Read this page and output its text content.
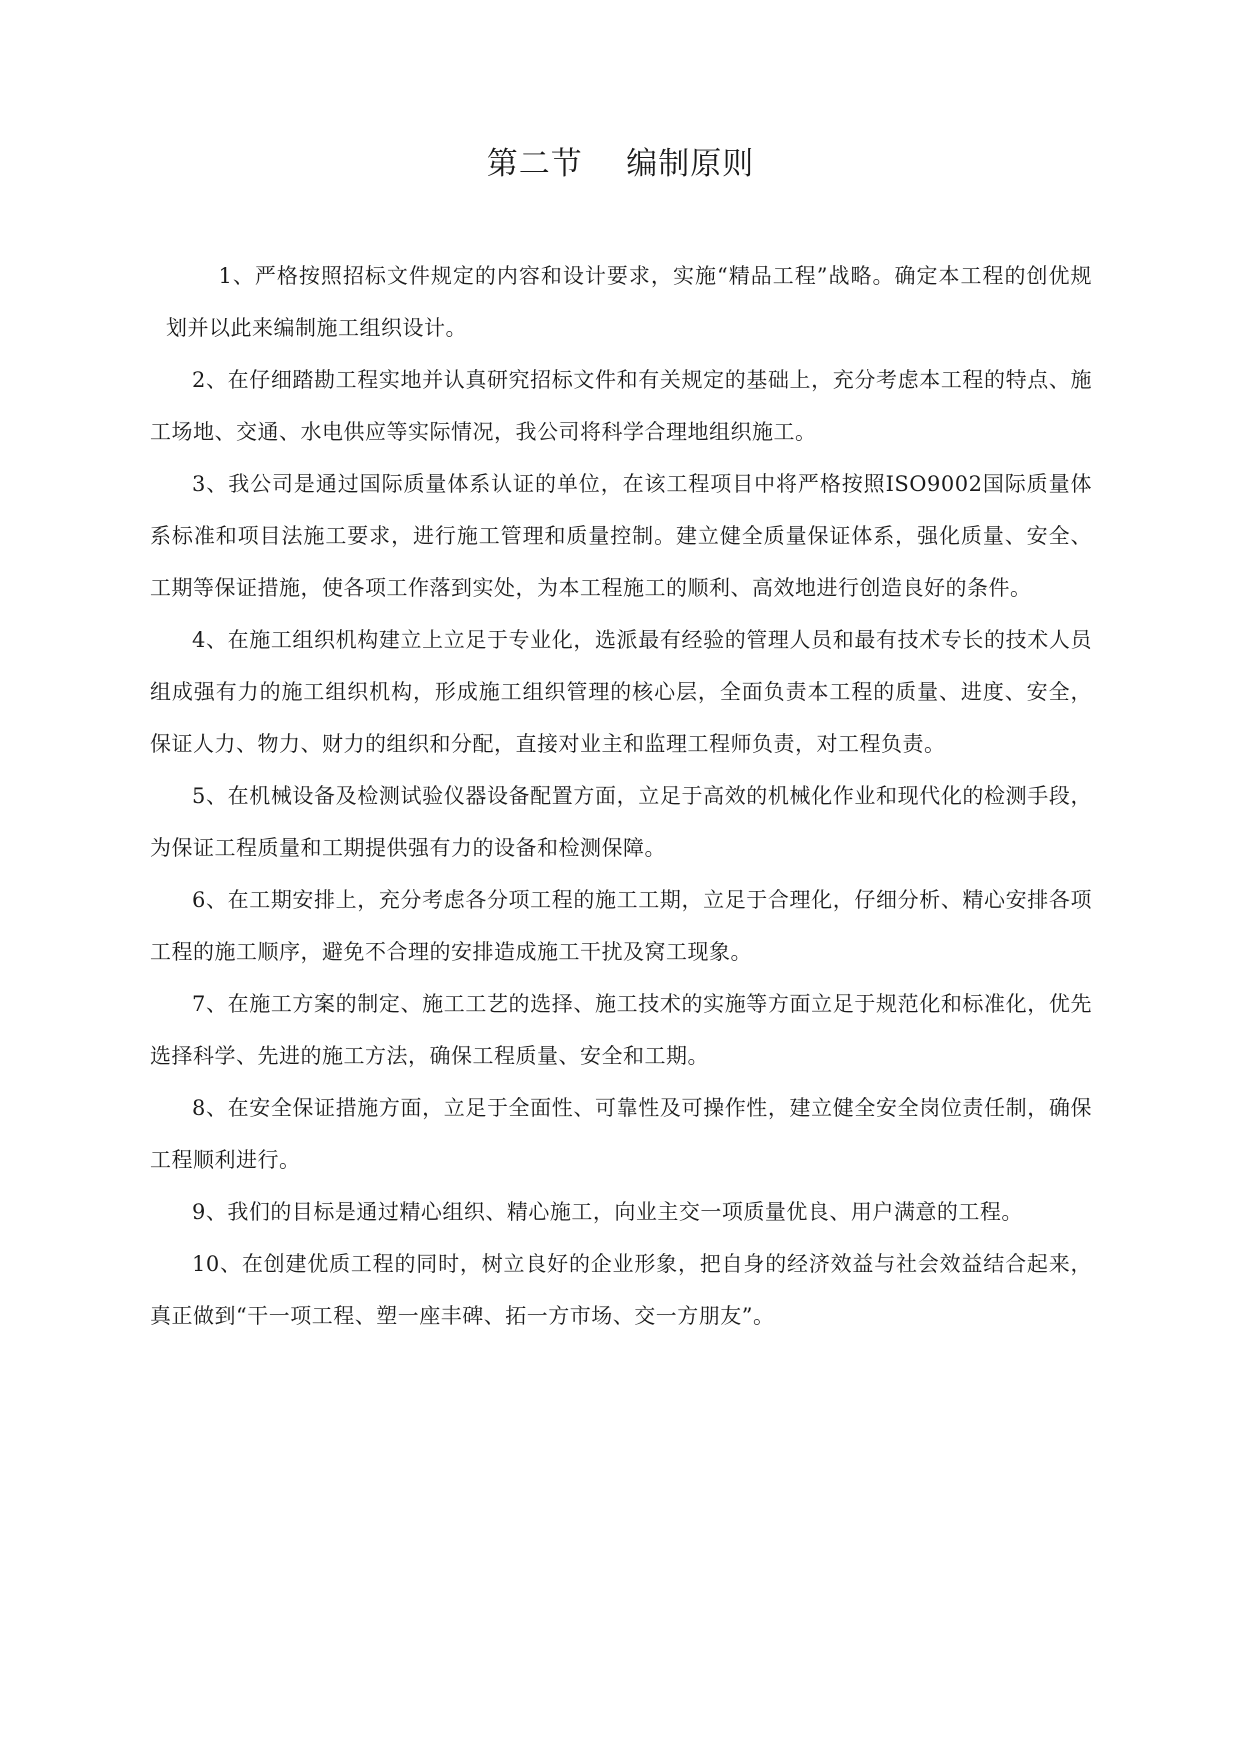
第二节    编制原则

1、严格按照招标文件规定的内容和设计要求，实施“精品工程”战略。确定本工程的创优规划并以此来编制施工组织设计。

2、在仔细踏勘工程实地并认真研究招标文件和有关规定的基础上，充分考虑本工程的特点、施工场地、交通、水电供应等实际情况，我公司将科学合理地组织施工。

3、我公司是通过国际质量体系认证的单位，在该工程项目中将严格按照ISO9002国际质量体系标准和项目法施工要求，进行施工管理和质量控制。建立健全质量保证体系，强化质量、安全、工期等保证措施，使各项工作落到实处，为本工程施工的顺利、高效地进行创造良好的条件。

4、在施工组织机构建立上立足于专业化，选派最有经验的管理人员和最有技术专长的技术人员组成强有力的施工组织机构，形成施工组织管理的核心层，全面负责本工程的质量、进度、安全，保证人力、物力、财力的组织和分配，直接对业主和监理工程师负责，对工程负责。

5、在机械设备及检测试验仪器设备配置方面，立足于高效的机械化作业和现代化的检测手段，为保证工程质量和工期提供强有力的设备和检测保障。

6、在工期安排上，充分考虑各分项工程的施工工期，立足于合理化，仔细分析、精心安排各项工程的施工顺序，避免不合理的安排造成施工干扰及窝工现象。

7、在施工方案的制定、施工工艺的选择、施工技术的实施等方面立足于规范化和标准化，优先选择科学、先进的施工方法，确保工程质量、安全和工期。

8、在安全保证措施方面，立足于全面性、可靠性及可操作性，建立健全安全岗位责任制，确保工程顺利进行。

9、我们的目标是通过精心组织、精心施工，向业主交一项质量优良、用户满意的工程。

10、在创建优质工程的同时，树立良好的企业形象，把自身的经济效益与社会效益结合起来，真正做到“干一项工程、塑一座丰碑、拓一方市场、交一方朋友”。
